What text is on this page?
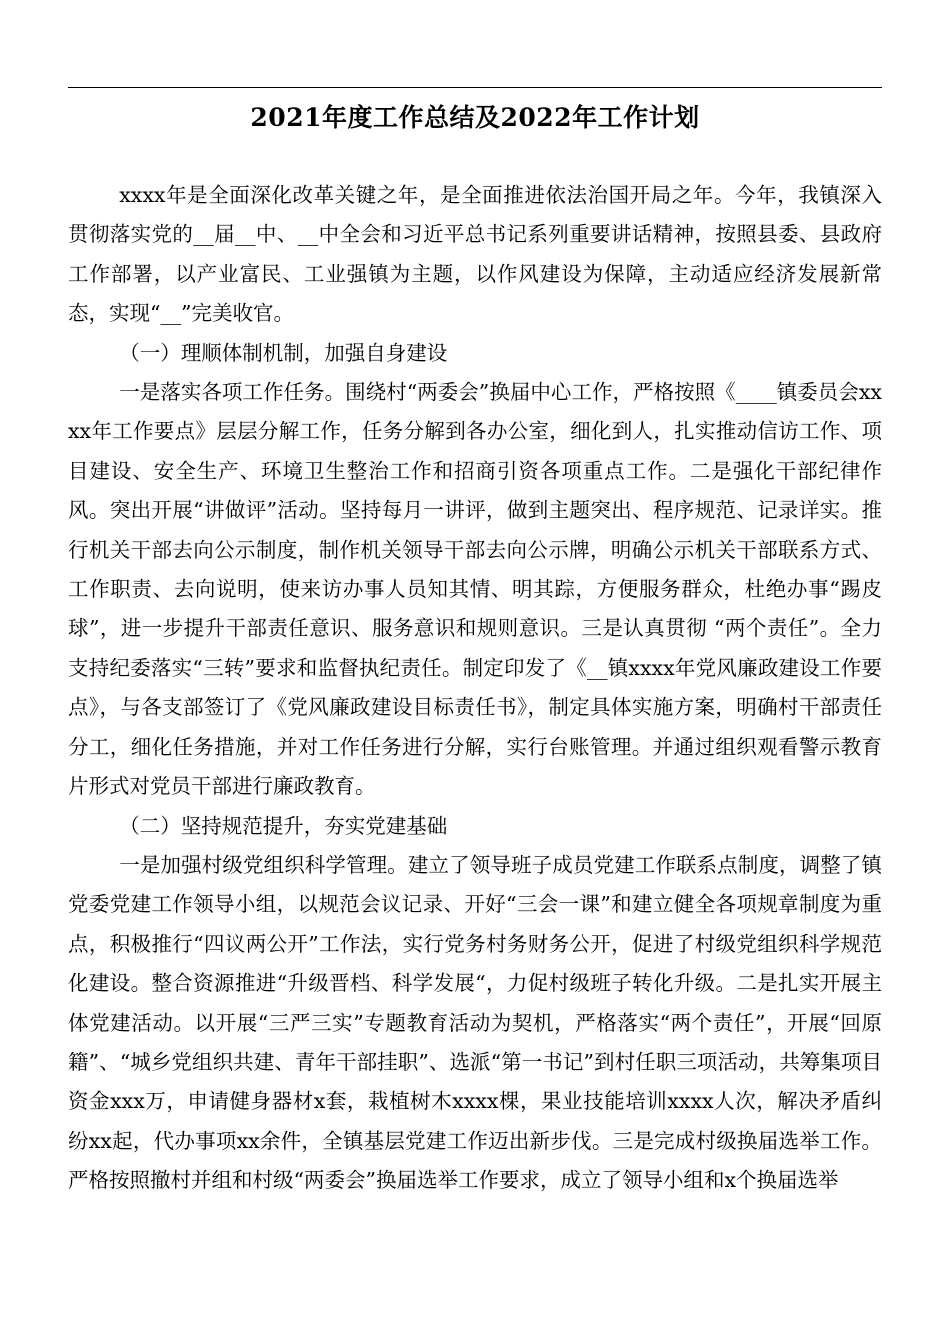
2021年度工作总结及2022年工作计划

xxxx年是全面深化改革关键之年，是全面推进依法治国开局之年。今年，我镇深入贯彻落实党的__届__中、__中全会和习近平总书记系列重要讲话精神，按照县委、县政府工作部署，以产业富民、工业强镇为主题，以作风建设为保障，主动适应经济发展新常态，实现“__”完美收官。

（一）理顺体制机制，加强自身建设

一是落实各项工作任务。围绕村“两委会”换届中心工作，严格按照《____镇委员会xxxx年工作要点》层层分解工作，任务分解到各办公室，细化到人，扎实推动信访工作、项目建设、安全生产、环境卫生整治工作和招商引资各项重点工作。二是强化干部纪律作风。突出开展“讲做评”活动。坚持每月一讲评，做到主题突出、程序规范、记录详实。推行机关干部去向公示制度，制作机关领导干部去向公示牌，明确公示机关干部联系方式、工作职责、去向说明，使来访办事人员知其情、明其踪，方便服务群众，杜绝办事“踢皮球”，进一步提升干部责任意识、服务意识和规则意识。三是认真贯彻 “两个责任”。全力支持纪委落实“三转”要求和监督执纪责任。制定印发了《__镇xxxx年党风廉政建设工作要点》，与各支部签订了《党风廉政建设目标责任书》，制定具体实施方案，明确村干部责任分工，细化任务措施，并对工作任务进行分解，实行台账管理。并通过组织观看警示教育片形式对党员干部进行廉政教育。

（二）坚持规范提升，夯实党建基础

一是加强村级党组织科学管理。建立了领导班子成员党建工作联系点制度，调整了镇党委党建工作领导小组，以规范会议记录、开好“三会一课”和建立健全各项规章制度为重点，积极推行“四议两公开”工作法，实行党务村务财务公开，促进了村级党组织科学规范化建设。整合资源推进“升级晋档、科学发展“，力促村级班子转化升级。二是扎实开展主体党建活动。以开展“三严三实”专题教育活动为契机，严格落实“两个责任”，开展“回原籍”、“城乡党组织共建、青年干部挂职”、选派“第一书记”到村任职三项活动，共筹集项目资金xxx万，申请健身器材x套，栽植树木xxxx棵，果业技能培训xxxx人次，解决矛盾纠纷xx起，代办事项xx余件，全镇基层党建工作迈出新步伐。三是完成村级换届选举工作。严格按照撤村并组和村级“两委会”换届选举工作要求，成立了领导小组和x个换届选举
